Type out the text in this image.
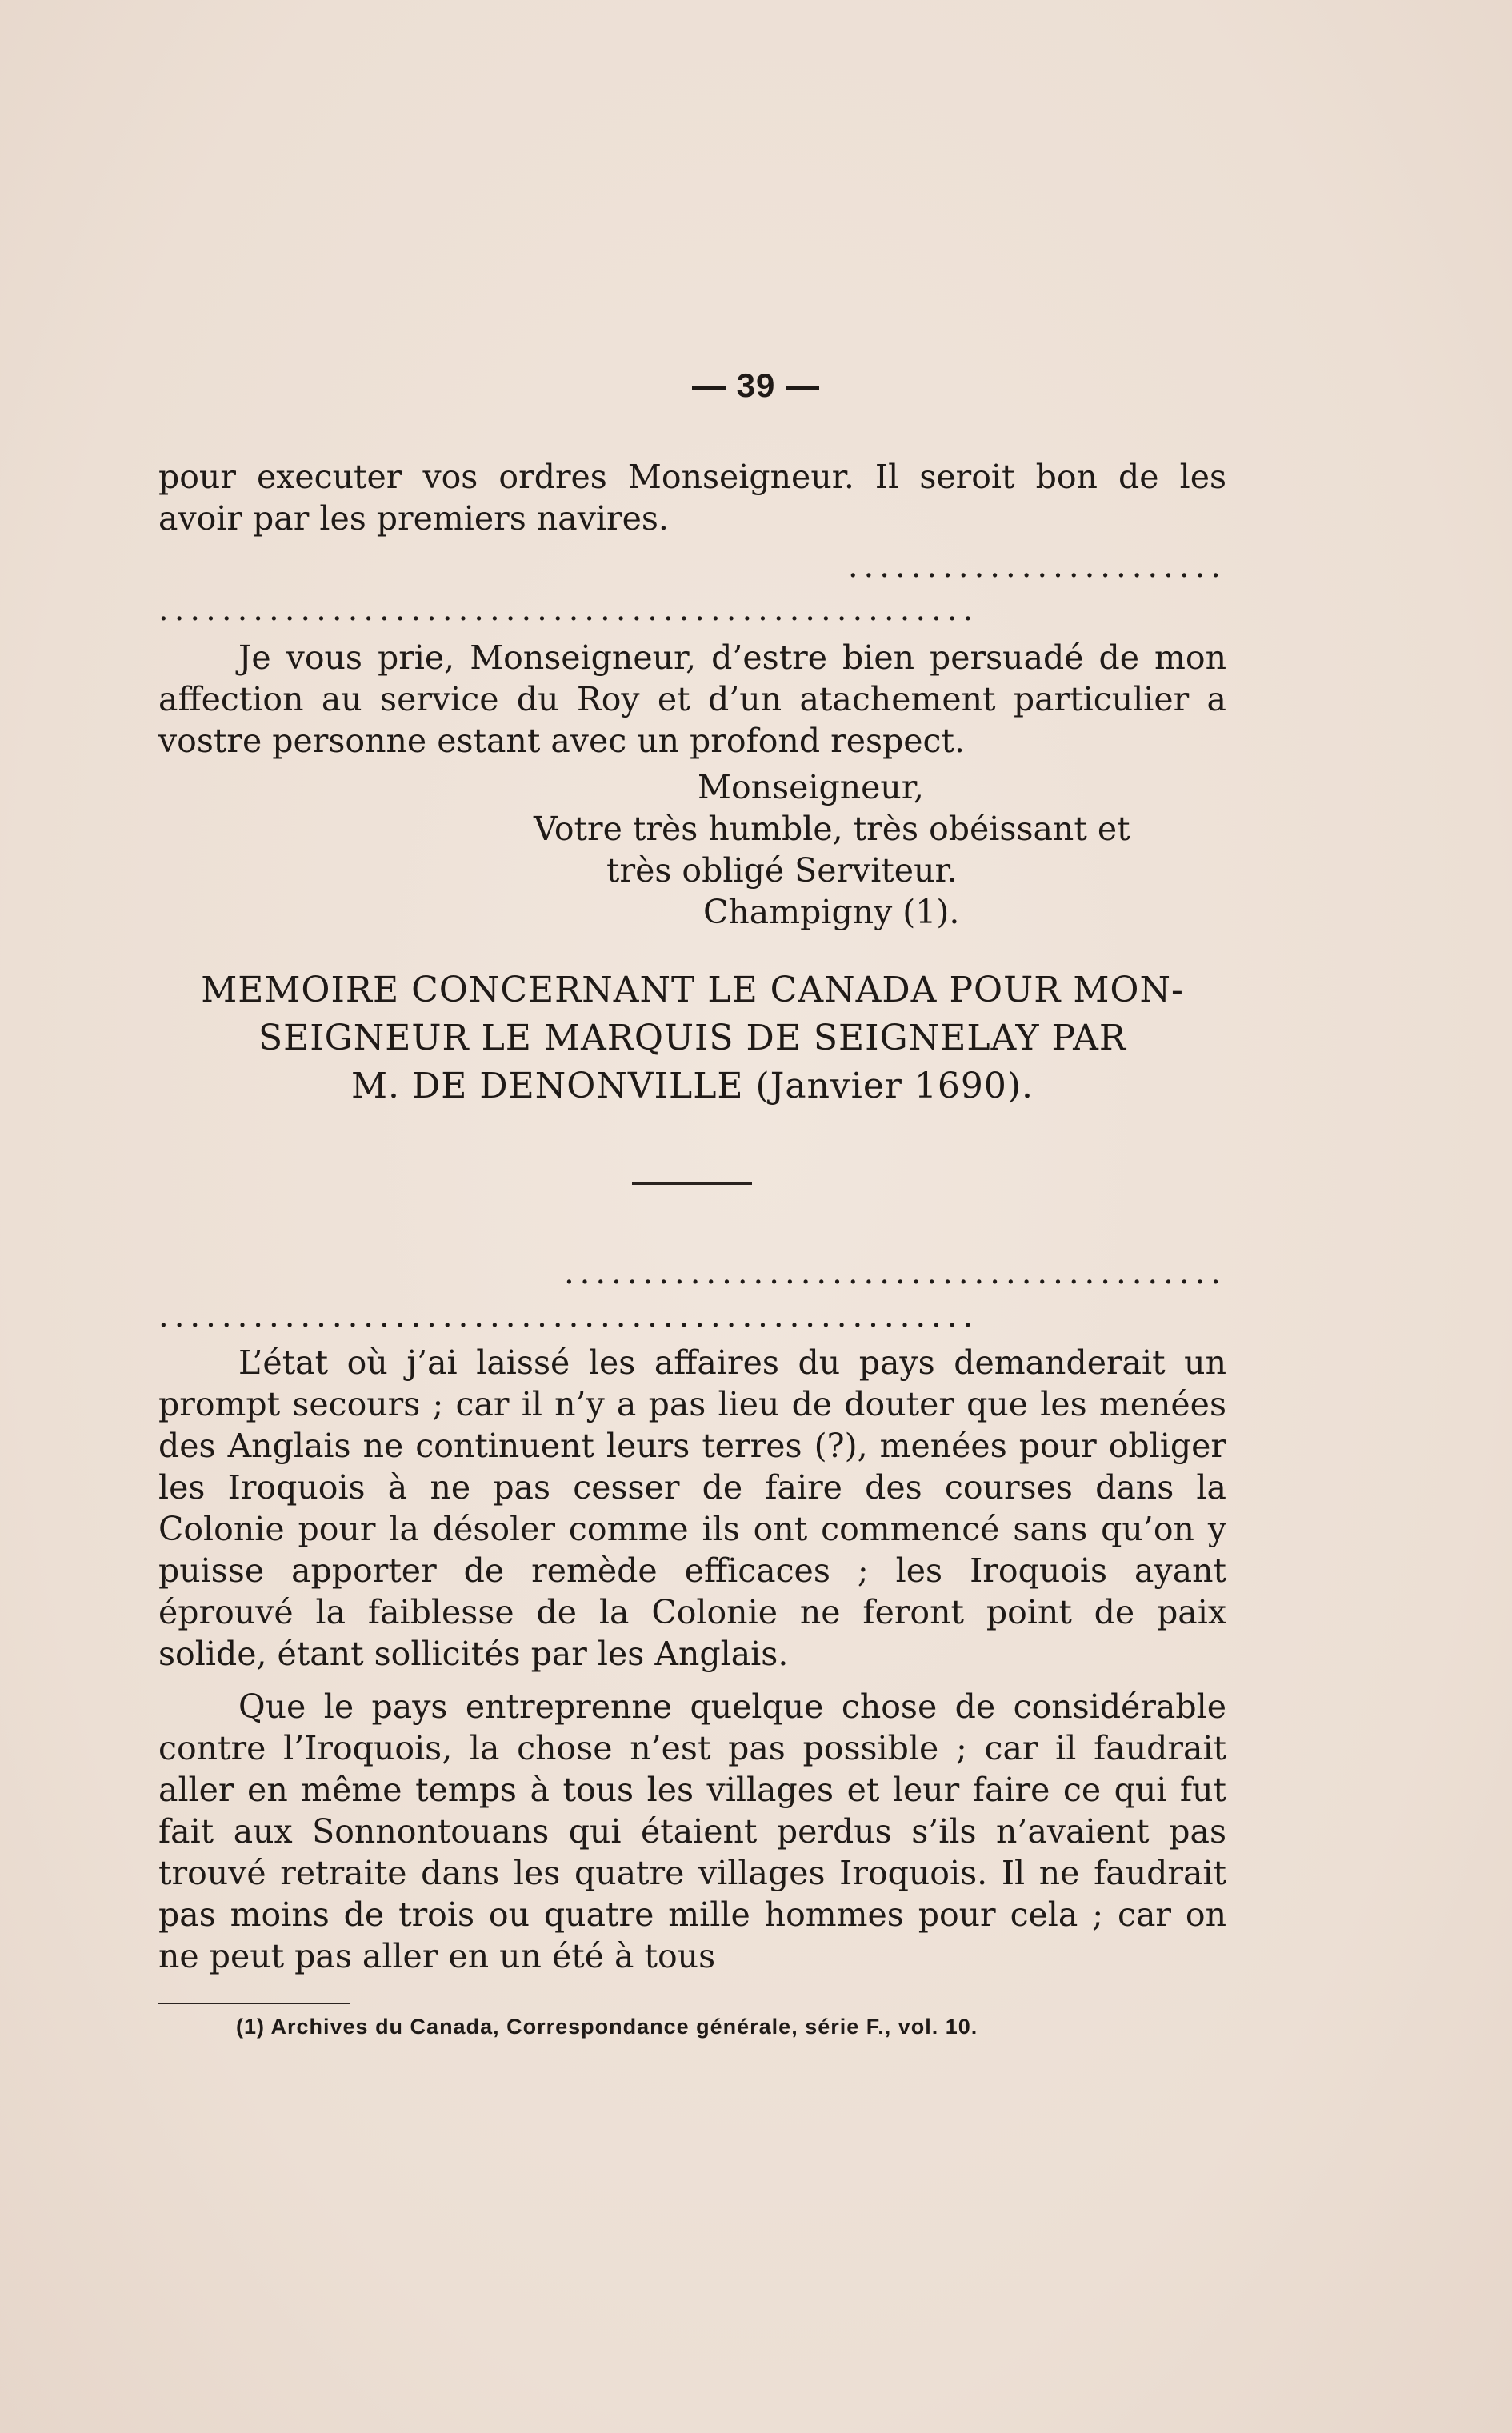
— 39 —

pour executer vos ordres Monseigneur. Il seroit bon de les avoir par les premiers navires.

........................

....................................................

Je vous prie, Monseigneur, d’estre bien persuadé de mon affection au service du Roy et d’un atachement particulier a vostre personne estant avec un profond respect.

Monseigneur,
Votre très humble, très obéissant et
très obligé Serviteur.
Champigny (1).
MEMOIRE CONCERNANT LE CANADA POUR MON-
SEIGNEUR LE MARQUIS DE SEIGNELAY PAR
M. DE DENONVILLE (Janvier 1690).

..........................................

....................................................

L’état où j’ai laissé les affaires du pays demanderait un prompt secours ; car il n’y a pas lieu de douter que les menées des Anglais ne continuent leurs terres (?), menées pour obliger les Iroquois à ne pas cesser de faire des courses dans la Colonie pour la désoler comme ils ont commencé sans qu’on y puisse apporter de remède efficaces ; les Iroquois ayant éprouvé la faiblesse de la Colonie ne feront point de paix solide, étant sollicités par les Anglais.

Que le pays entreprenne quelque chose de considérable contre l’Iroquois, la chose n’est pas possible ; car il faudrait aller en même temps à tous les villages et leur faire ce qui fut fait aux Sonnontouans qui étaient perdus s’ils n’avaient pas trouvé retraite dans les quatre villages Iroquois. Il ne faudrait pas moins de trois ou quatre mille hommes pour cela ; car on ne peut pas aller en un été à tous

(1) Archives du Canada, Correspondance générale, série F., vol. 10.
